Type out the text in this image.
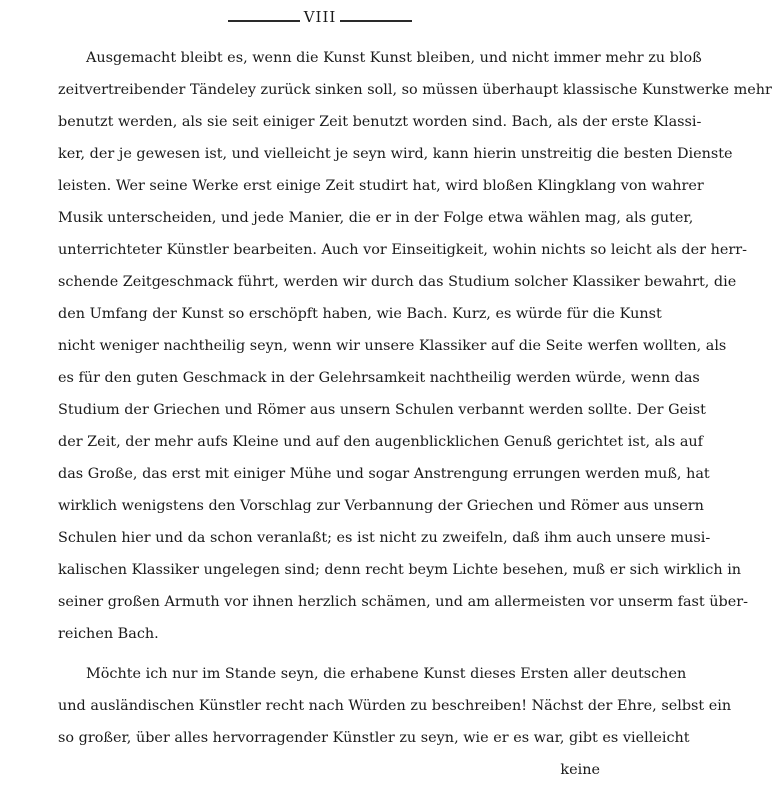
VIII
Ausgemacht bleibt es, wenn die Kunst Kunst bleiben, und nicht immer mehr zu bloß
zeitvertreibender Tändeley zurück sinken soll, so müssen überhaupt klassische Kunstwerke mehr
benutzt werden, als sie seit einiger Zeit benutzt worden sind. Bach, als der erste Klassi-
ker, der je gewesen ist, und vielleicht je seyn wird, kann hierin unstreitig die besten Dienste
leisten. Wer seine Werke erst einige Zeit studirt hat, wird bloßen Klingklang von wahrer
Musik unterscheiden, und jede Manier, die er in der Folge etwa wählen mag, als guter,
unterrichteter Künstler bearbeiten. Auch vor Einseitigkeit, wohin nichts so leicht als der herr-
schende Zeitgeschmack führt, werden wir durch das Studium solcher Klassiker bewahrt, die
den Umfang der Kunst so erschöpft haben, wie Bach. Kurz, es würde für die Kunst
nicht weniger nachtheilig seyn, wenn wir unsere Klassiker auf die Seite werfen wollten, als
es für den guten Geschmack in der Gelehrsamkeit nachtheilig werden würde, wenn das
Studium der Griechen und Römer aus unsern Schulen verbannt werden sollte. Der Geist
der Zeit, der mehr aufs Kleine und auf den augenblicklichen Genuß gerichtet ist, als auf
das Große, das erst mit einiger Mühe und sogar Anstrengung errungen werden muß, hat
wirklich wenigstens den Vorschlag zur Verbannung der Griechen und Römer aus unsern
Schulen hier und da schon veranlaßt; es ist nicht zu zweifeln, daß ihm auch unsere musi-
kalischen Klassiker ungelegen sind; denn recht beym Lichte besehen, muß er sich wirklich in
seiner großen Armuth vor ihnen herzlich schämen, und am allermeisten vor unserm fast über-
reichen Bach.
Möchte ich nur im Stande seyn, die erhabene Kunst dieses Ersten aller deutschen
und ausländischen Künstler recht nach Würden zu beschreiben! Nächst der Ehre, selbst ein
so großer, über alles hervorragender Künstler zu seyn, wie er es war, gibt es vielleicht
keine
